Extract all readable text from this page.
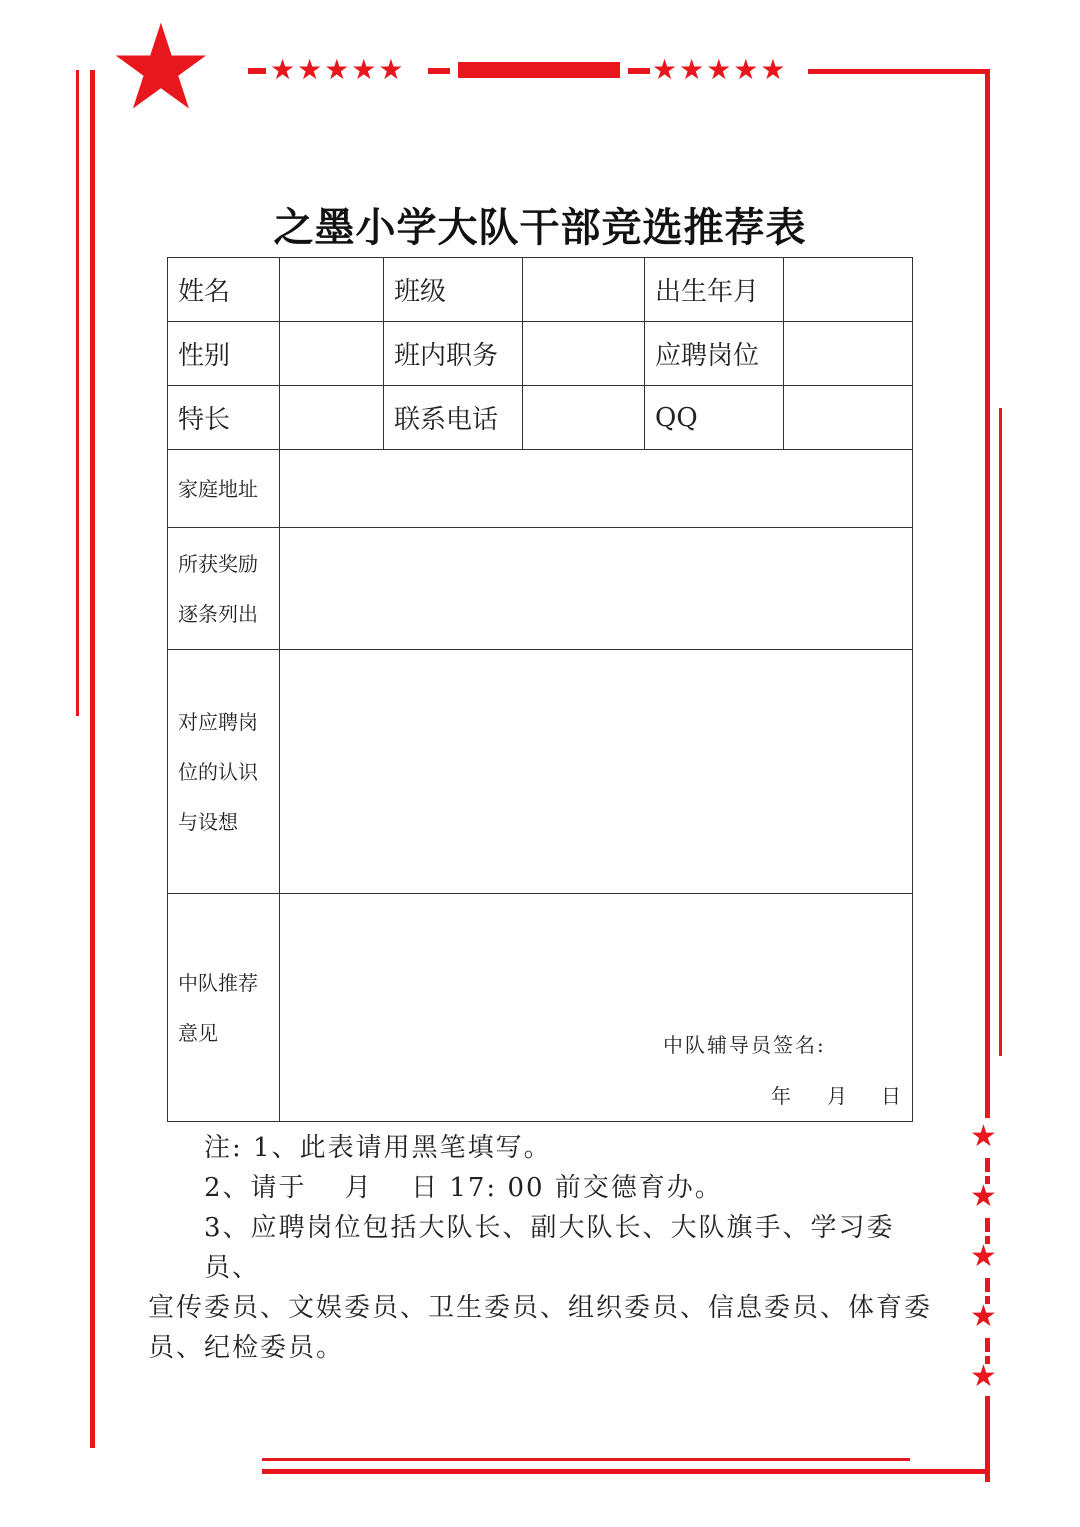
★ ★★★★★	★★★★★
★
★
★
★
★
之墨小学大队干部竞选推荐表
姓名		班级		出生年月	
性别		班内职务		应聘岗位	
特长		联系电话		QQ	
家庭地址					

所获奖励
逐条列出					

对应聘岗
位的认识
与设想					

中队推荐
意见					

中队辅导员签名:
年 月 日
注: 1、此表请用黑笔填写。
2、请于　 月　 日 17: 00 前交德育办。
3、应聘岗位包括大队长、副大队长、大队旗手、学习委员、
宣传委员、文娱委员、卫生委员、组织委员、信息委员、体育委
员、纪检委员。
